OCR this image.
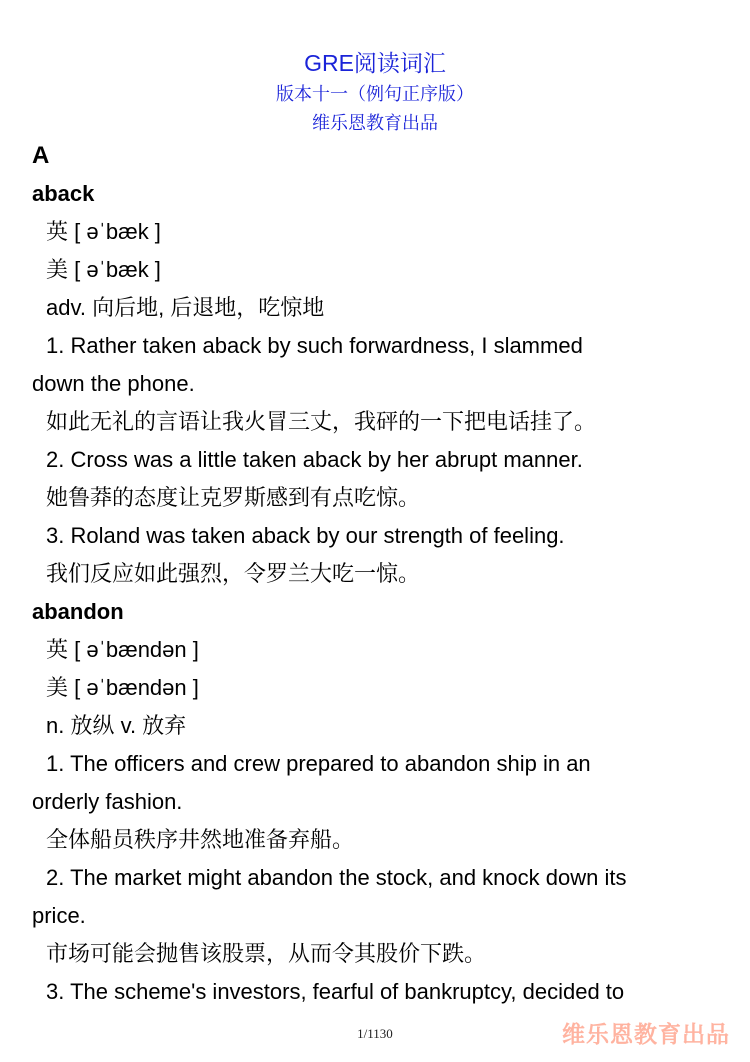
GRE阅读词汇
版本十一（例句正序版）
维乐恩教育出品
A
aback
英 [ əˈbæk ]
美 [ əˈbæk ]
adv. 向后地, 后退地，吃惊地
1. Rather taken aback by such forwardness, I slammed
down the phone.
如此无礼的言语让我火冒三丈，我砰的一下把电话挂了。
2. Cross was a little taken aback by her abrupt manner.
她鲁莽的态度让克罗斯感到有点吃惊。
3. Roland was taken aback by our strength of feeling.
我们反应如此强烈，令罗兰大吃一惊。
abandon
英 [ əˈbændən ]
美 [ əˈbændən ]
n. 放纵 v. 放弃
1. The officers and crew prepared to abandon ship in an
orderly fashion.
全体船员秩序井然地准备弃船。
2. The market might abandon the stock, and knock down its
price.
市场可能会抛售该股票，从而令其股价下跌。
3. The scheme's investors, fearful of bankruptcy, decided to
1/1130	维乐恩教育出品
